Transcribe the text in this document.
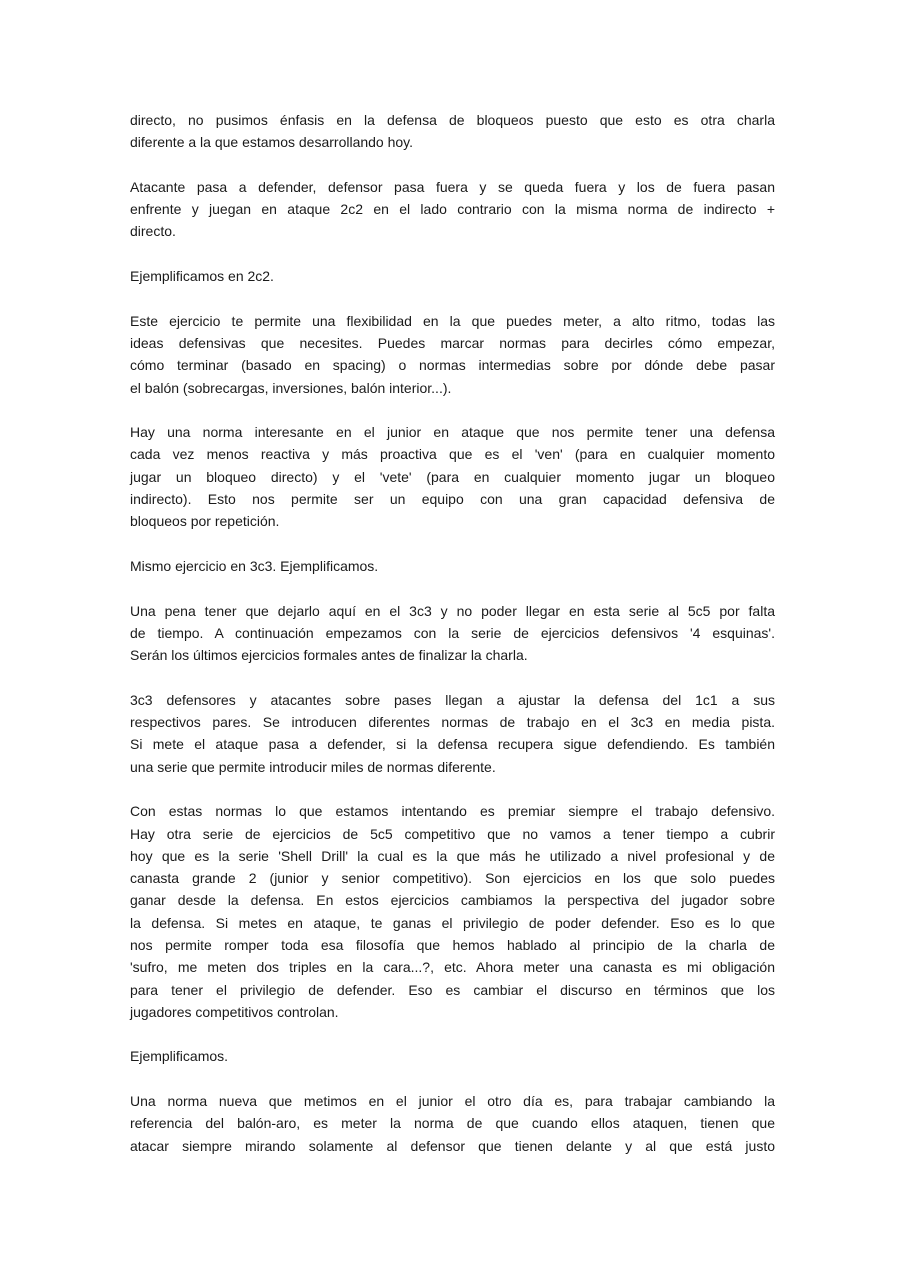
directo, no pusimos énfasis en la defensa de bloqueos puesto que esto es otra charla
diferente a la que estamos desarrollando hoy.
Atacante pasa a defender, defensor pasa fuera y se queda fuera y los de fuera pasan
enfrente y juegan en ataque 2c2 en el lado contrario con la misma norma de indirecto +
directo.
Ejemplificamos en 2c2.
Este ejercicio te permite una flexibilidad en la que puedes meter, a alto ritmo, todas las
ideas defensivas que necesites. Puedes marcar normas para decirles cómo empezar,
cómo terminar (basado en spacing) o normas intermedias sobre por dónde debe pasar
el balón (sobrecargas, inversiones, balón interior...).
Hay una norma interesante en el junior en ataque que nos permite tener una defensa
cada vez menos reactiva y más proactiva que es el 'ven' (para en cualquier momento
jugar un bloqueo directo) y el 'vete' (para en cualquier momento jugar un bloqueo
indirecto). Esto nos permite ser un equipo con una gran capacidad defensiva de
bloqueos por repetición.
Mismo ejercicio en 3c3. Ejemplificamos.
Una pena tener que dejarlo aquí en el 3c3 y no poder llegar en esta serie al 5c5 por falta
de tiempo. A continuación empezamos con la serie de ejercicios defensivos '4 esquinas'.
Serán los últimos ejercicios formales antes de finalizar la charla.
3c3 defensores y atacantes sobre pases llegan a ajustar la defensa del 1c1 a sus
respectivos pares. Se introducen diferentes normas de trabajo en el 3c3 en media pista.
Si mete el ataque pasa a defender, si la defensa recupera sigue defendiendo. Es también
una serie que permite introducir miles de normas diferente.
Con estas normas lo que estamos intentando es premiar siempre el trabajo defensivo.
Hay otra serie de ejercicios de 5c5 competitivo que no vamos a tener tiempo a cubrir
hoy que es la serie 'Shell Drill' la cual es la que más he utilizado a nivel profesional y de
canasta grande 2 (junior y senior competitivo). Son ejercicios en los que solo puedes
ganar desde la defensa. En estos ejercicios cambiamos la perspectiva del jugador sobre
la defensa. Si metes en ataque, te ganas el privilegio de poder defender. Eso es lo que
nos permite romper toda esa filosofía que hemos hablado al principio de la charla de
'sufro, me meten dos triples en la cara...?, etc. Ahora meter una canasta es mi obligación
para tener el privilegio de defender. Eso es cambiar el discurso en términos que los
jugadores competitivos controlan.
Ejemplificamos.
Una norma nueva que metimos en el junior el otro día es, para trabajar cambiando la
referencia del balón-aro, es meter la norma de que cuando ellos ataquen, tienen que
atacar siempre mirando solamente al defensor que tienen delante y al que está justo
